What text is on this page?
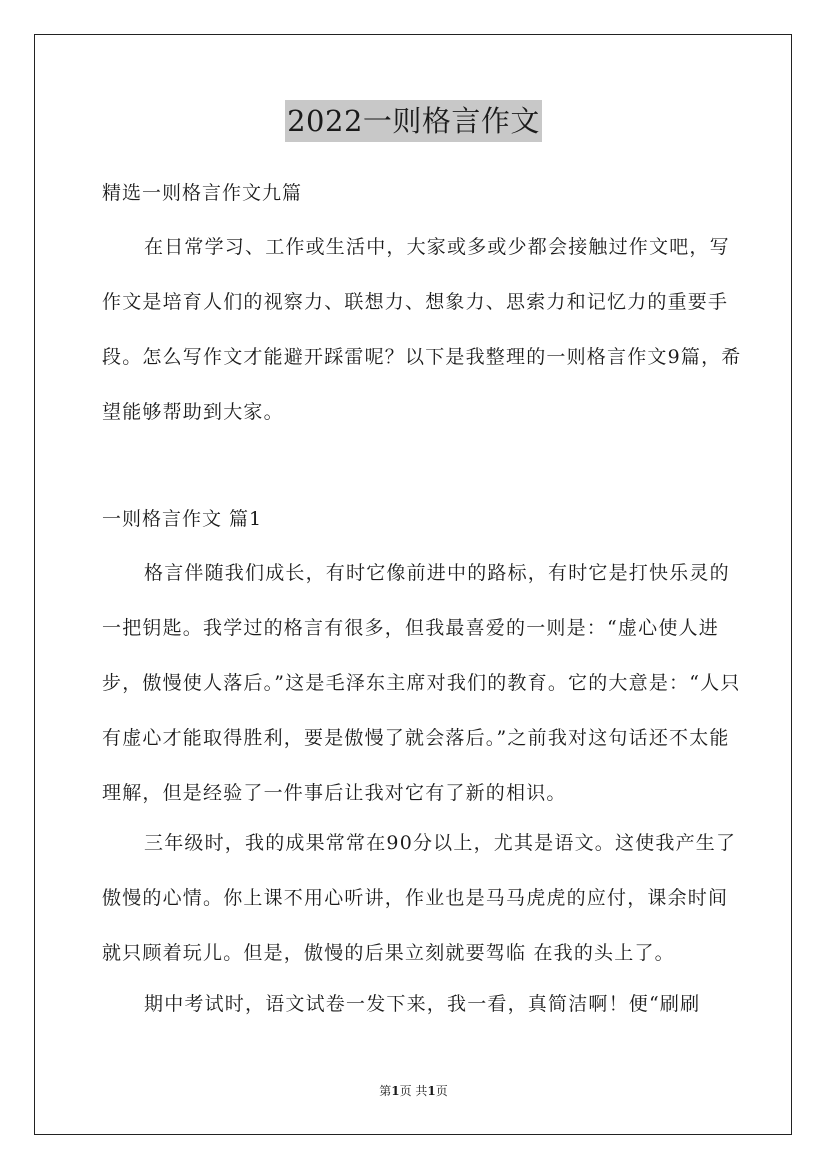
2022一则格言作文
精选一则格言作文九篇

在日常学习、工作或生活中，大家或多或少都会接触过作文吧，写作文是培育人们的视察力、联想力、想象力、思索力和记忆力的重要手段。怎么写作文才能避开踩雷呢？以下是我整理的一则格言作文9篇，希望能够帮助到大家。

一则格言作文 篇1

格言伴随我们成长，有时它像前进中的路标，有时它是打快乐灵的一把钥匙。我学过的格言有很多，但我最喜爱的一则是：“虚心使人进步，傲慢使人落后。”这是毛泽东主席对我们的教育。它的大意是：“人只有虚心才能取得胜利，要是傲慢了就会落后。”之前我对这句话还不太能理解，但是经验了一件事后让我对它有了新的相识。

三年级时，我的成果常常在90分以上，尤其是语文。这使我产生了傲慢的心情。你上课不用心听讲，作业也是马马虎虎的应付，课余时间就只顾着玩儿。但是，傲慢的后果立刻就要驾临 在我的头上了。

期中考试时，语文试卷一发下来，我一看，真简洁啊！便“刷刷

第1页 共1页
